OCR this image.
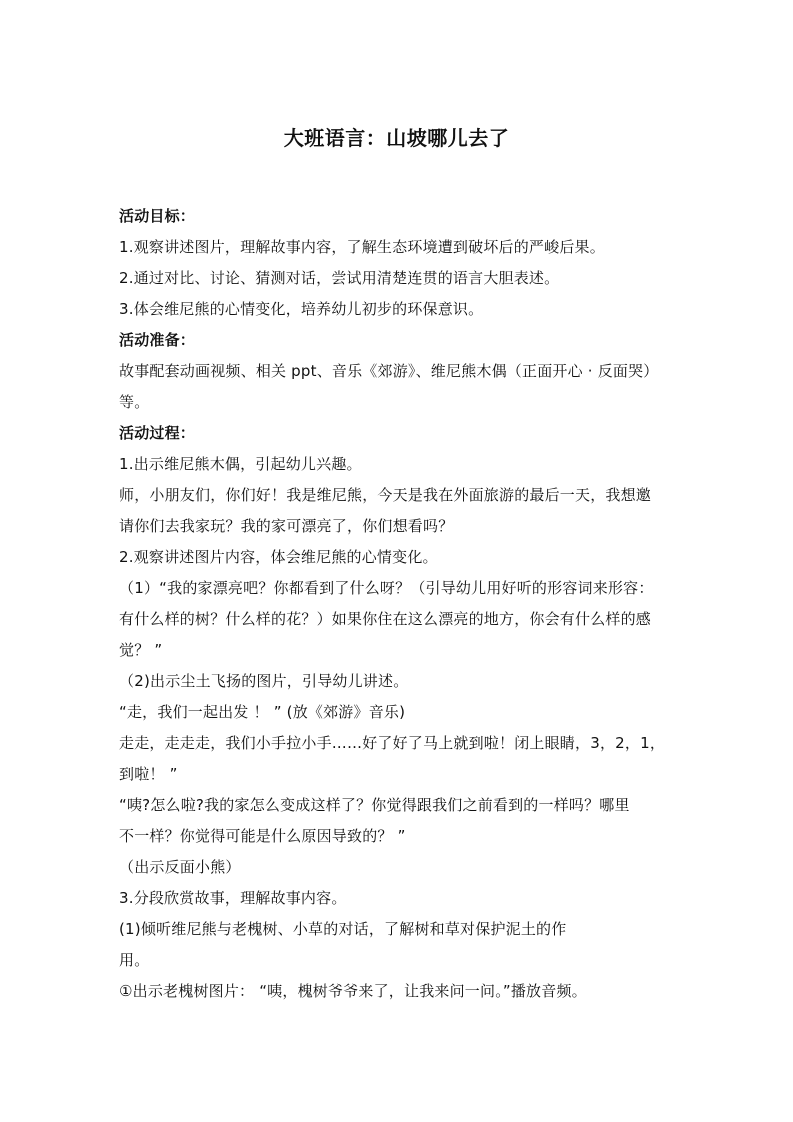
大班语言：山坡哪儿去了
活动目标：
1.观察讲述图片，理解故事内容，了解生态环境遭到破坏后的严峻后果。
2.通过对比、讨论、猜测对话，尝试用清楚连贯的语言大胆表述。
3.体会维尼熊的心情变化，培养幼儿初步的环保意识。
活动准备：
故事配套动画视频、相关 ppt、音乐《郊游》、维尼熊木偶（正面开心 · 反面哭）
等。
活动过程：
1.出示维尼熊木偶，引起幼儿兴趣。
师，小朋友们，你们好！我是维尼熊，今天是我在外面旅游的最后一天，我想邀
请你们去我家玩？我的家可漂亮了，你们想看吗？
2.观察讲述图片内容，体会维尼熊的心情变化。
（1）“我的家漂亮吧？你都看到了什么呀？（引导幼儿用好听的形容词来形容：
有什么样的树？什么样的花？）如果你住在这么漂亮的地方，你会有什么样的感
觉？ ”
（2)出示尘土飞扬的图片，引导幼儿讲述。
“走，我们一起出发 ！ ” (放《郊游》音乐)
走走，走走走，我们小手拉小手……好了好了马上就到啦！闭上眼睛，3，2，1，
到啦！ ”
“咦?怎么啦?我的家怎么变成这样了？你觉得跟我们之前看到的一样吗？哪里
不一样？你觉得可能是什么原因导致的？ ”
（出示反面小熊）
3.分段欣赏故事，理解故事内容。
(1)倾听维尼熊与老槐树、小草的对话，了解树和草对保护泥土的作
用。
①出示老槐树图片： “咦，槐树爷爷来了，让我来问一问。”播放音频。
